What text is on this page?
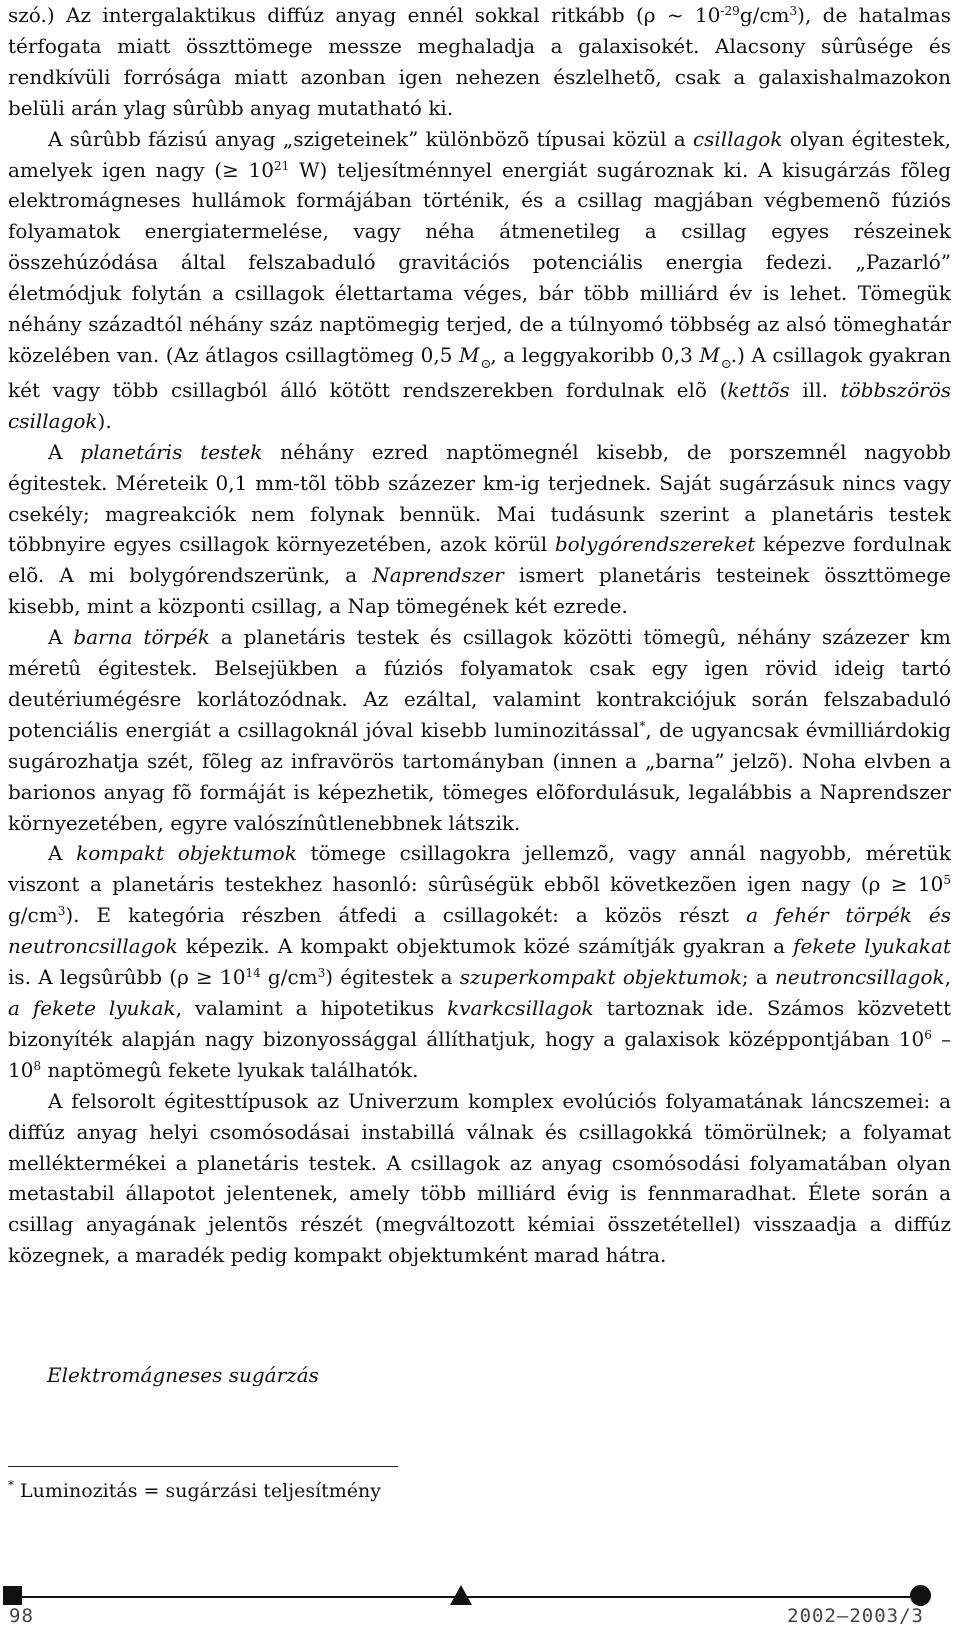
szó.) Az intergalaktikus diffúz anyag ennél sokkal ritkább (ρ ~ $10^{-29}g/cm^3$), de hatalmas térfogata miatt összttömege messze meghaladja a galaxisokét. Alacsony sûrûsége és rendkívüli forrósága miatt azonban igen nehezen észlelhetõ, csak a galaxishalmazokon belüli arán ylag sûrûbb anyag mutatható ki.

A sûrûbb fázisú anyag „szigeteinek” különbözõ típusai közül a csillagok olyan égitestek, amelyek igen nagy (≥ $10^{21}$ W) teljesítménnyel energiát sugároznak ki. A kisugárzás fõleg elektromágneses hullámok formájában történik, és a csillag magjában végbemenõ fúziós folyamatok energiatermelése, vagy néha átmenetileg a csillag egyes részeinek összehúzódása által felszabaduló gravitációs potenciális energia fedezi. „Pazarló” életmódjuk folytán a csillagok élettartama véges, bár több milliárd év is lehet. Tömegük néhány századtól néhány száz naptömegig terjed, de a túlnyomó többség az alsó tömeghatár közelében van. (Az átlagos csillagtömeg 0,5 $M_⊙$, a leggyakoribb 0,3 $M_⊙$.) A csillagok gyakran két vagy több csillagból álló kötött rendszerekben fordulnak elõ (kettõs ill. többszörös csillagok).

A planetáris testek néhány ezred naptömegnél kisebb, de porszemnél nagyobb égitestek. Méreteik 0,1 mm-tõl több százezer km-ig terjednek. Saját sugárzásuk nincs vagy csekély; magreakciók nem folynak bennük. Mai tudásunk szerint a planetáris testek többnyire egyes csillagok környezetében, azok körül bolygórendszereket képezve fordulnak elõ. A mi bolygórendszerünk, a Naprendszer ismert planetáris testeinek összttömege kisebb, mint a központi csillag, a Nap tömegének két ezrede.

A barna törpék a planetáris testek és csillagok közötti tömegû, néhány százezer km méretû égitestek. Belsejükben a fúziós folyamatok csak egy igen rövid ideig tartó deutériumégésre korlátozódnak. Az ezáltal, valamint kontrakciójuk során felszabaduló potenciális energiát a csillagoknál jóval kisebb luminozitással*, de ugyancsak évmilliárdokig sugározhatja szét, fõleg az infravörös tartományban (innen a „barna” jelzõ). Noha elvben a barionos anyag fõ formáját is képezhetik, tömeges elõfordulásuk, legalábbis a Naprendszer környezetében, egyre valószínûtlenebbnek látszik.

A kompakt objektumok tömege csillagokra jellemzõ, vagy annál nagyobb, méretük viszont a planetáris testekhez hasonló: sûrûségük ebbõl következõen igen nagy ($\rho \ge 10^5$ $g/cm^3$). E kategória részben átfedi a csillagokét: a közös részt a fehér törpék és neutroncsillagok képezik. A kompakt objektumok közé számítják gyakran a fekete lyukakat is. A legsûrûbb ($\rho \ge 10^{14}$ $g/cm^3$) égitestek a szuperkompakt objektumok; a neutroncsillagok, a fekete lyukak, valamint a hipotetikus kvarkcsillagok tartoznak ide. Számos közvetett bizonyíték alapján nagy bizonyossággal állíthatjuk, hogy a galaxisok középpontjában $10^6$ $-10^8$ naptömegû fekete lyukak találhatók.

A felsorolt égitesttípusok az Univerzum komplex evolúciós folyamatának láncszemei: a diffúz anyag helyi csomósodásai instabillá válnak és csillagokká tömörülnek; a folyamat melléktermékei a planetáris testek. A csillagok az anyag csomósodási folyamatában olyan metastabil állapotot jelentenek, amely több milliárd évig is fennmaradhat. Élete során a csillag anyagának jelentõs részét (megváltozott kémiai összetétellel) visszaadja a diffúz közegnek, a maradék pedig kompakt objektumként marad hátra.

Elektromágneses sugárzás
* Luminozitás = sugárzási teljesítmény
98	2002–2003/3
